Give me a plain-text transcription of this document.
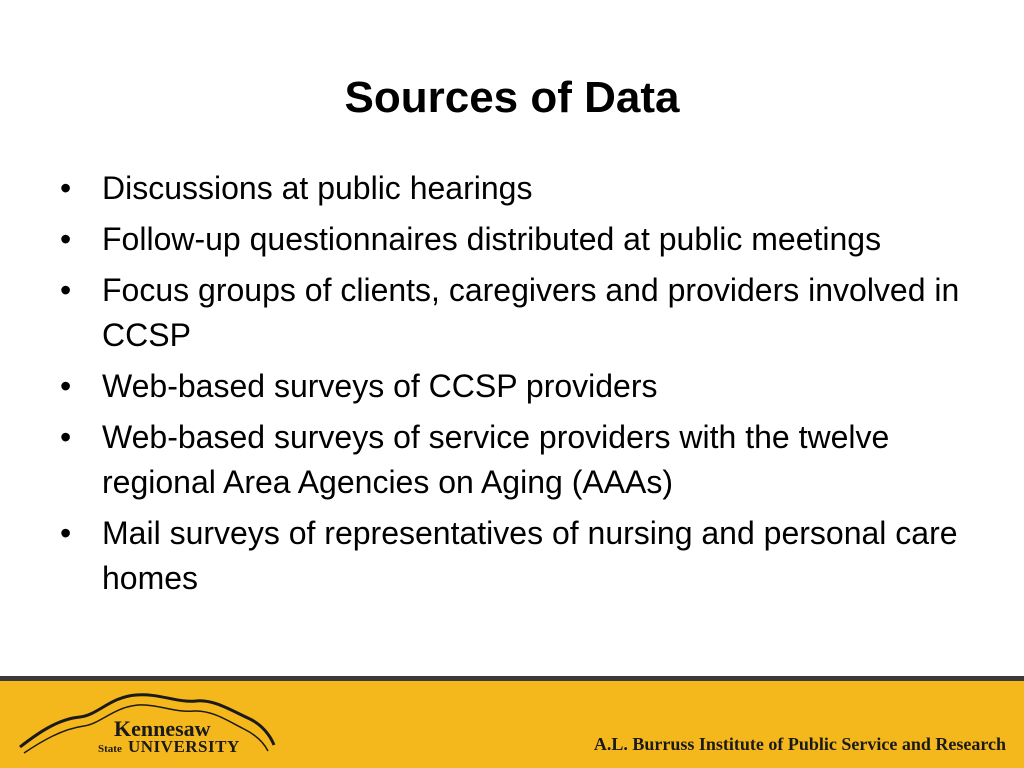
Sources of Data
• Discussions at public hearings
• Follow-up questionnaires distributed at public meetings
• Focus groups of clients, caregivers and providers involved in CCSP
• Web-based surveys of CCSP providers
• Web-based surveys of service providers with the twelve regional Area Agencies on Aging (AAAs)
• Mail surveys of representatives of nursing and personal care homes
Kennesaw
State UNIVERSITY	A.L. Burruss Institute of Public Service and Research
